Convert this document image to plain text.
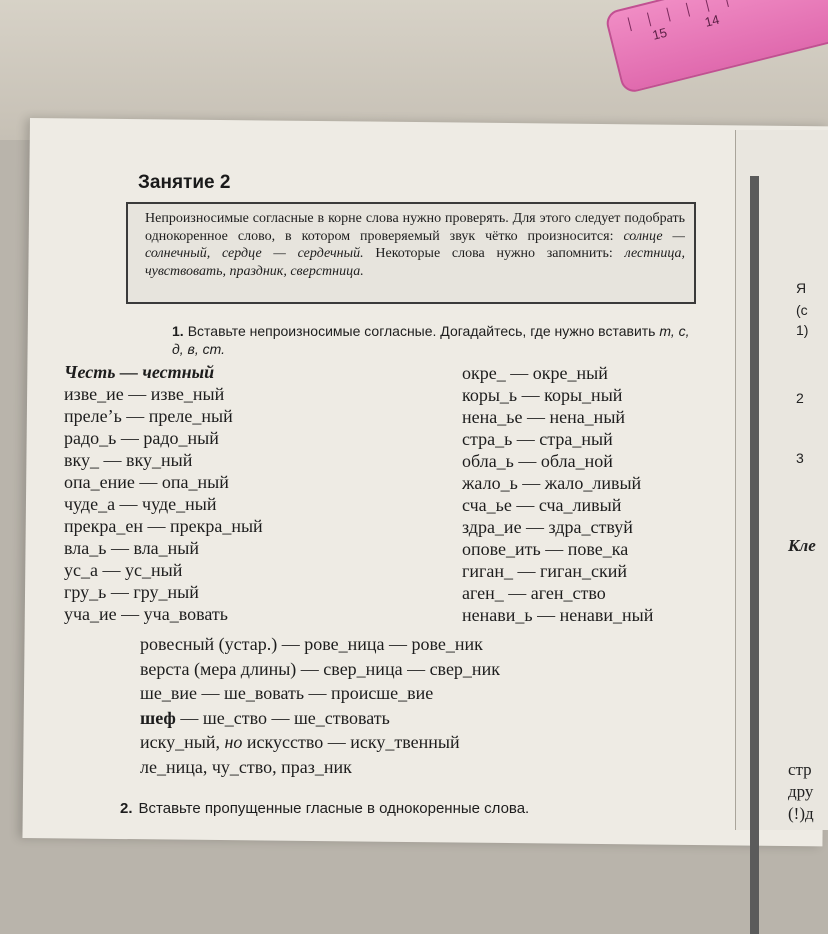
15
14
Я
(с
1)
2
3
Кле
стр
дру
(!)д
Занятие 2
Непроизносимые согласные в корне слова нужно проверять. Для этого следует подобрать однокоренное слово, в котором проверяемый звук чётко произносится: солнце — солнечный, сердце — сердечный. Некоторые слова нужно запомнить: лестница, чувствовать, праздник, сверстница.
1. Вставьте непроизносимые согласные. Догадайтесь, где нужно вставить т, с, д, в, ст.
Честь — честный
изве_ие — изве_ный
преле’ь — преле_ный
радо_ь — радо_ный
вку_ — вку_ный
опа_ение — опа_ный
чуде_а — чуде_ный
прекра_ен — прекра_ный
вла_ь — вла_ный
ус_а — ус_ный
гру_ь — гру_ный
уча_ие — уча_вовать
окре_ — окре_ный
коры_ь — коры_ный
нена_ье — нена_ный
стра_ь — стра_ный
обла_ь — обла_ной
жало_ь — жало_ливый
сча_ье — сча_ливый
здра_ие — здра_ствуй
опове_ить — пове_ка
гиган_ — гиган_ский
аген_ — аген_ство
ненави_ь — ненави_ный
ровесный (устар.) — рове_ница — рове_ник
верста (мера длины) — свер_ница — свер_ник
ше_вие — ше_вовать — происше_вие
шеф — ше_ство — ше_ствовать
иску_ный, но искусство — иску_твенный
ле_ница, чу_ство, праз_ник
2. Вставьте пропущенные гласные в однокоренные слова.
